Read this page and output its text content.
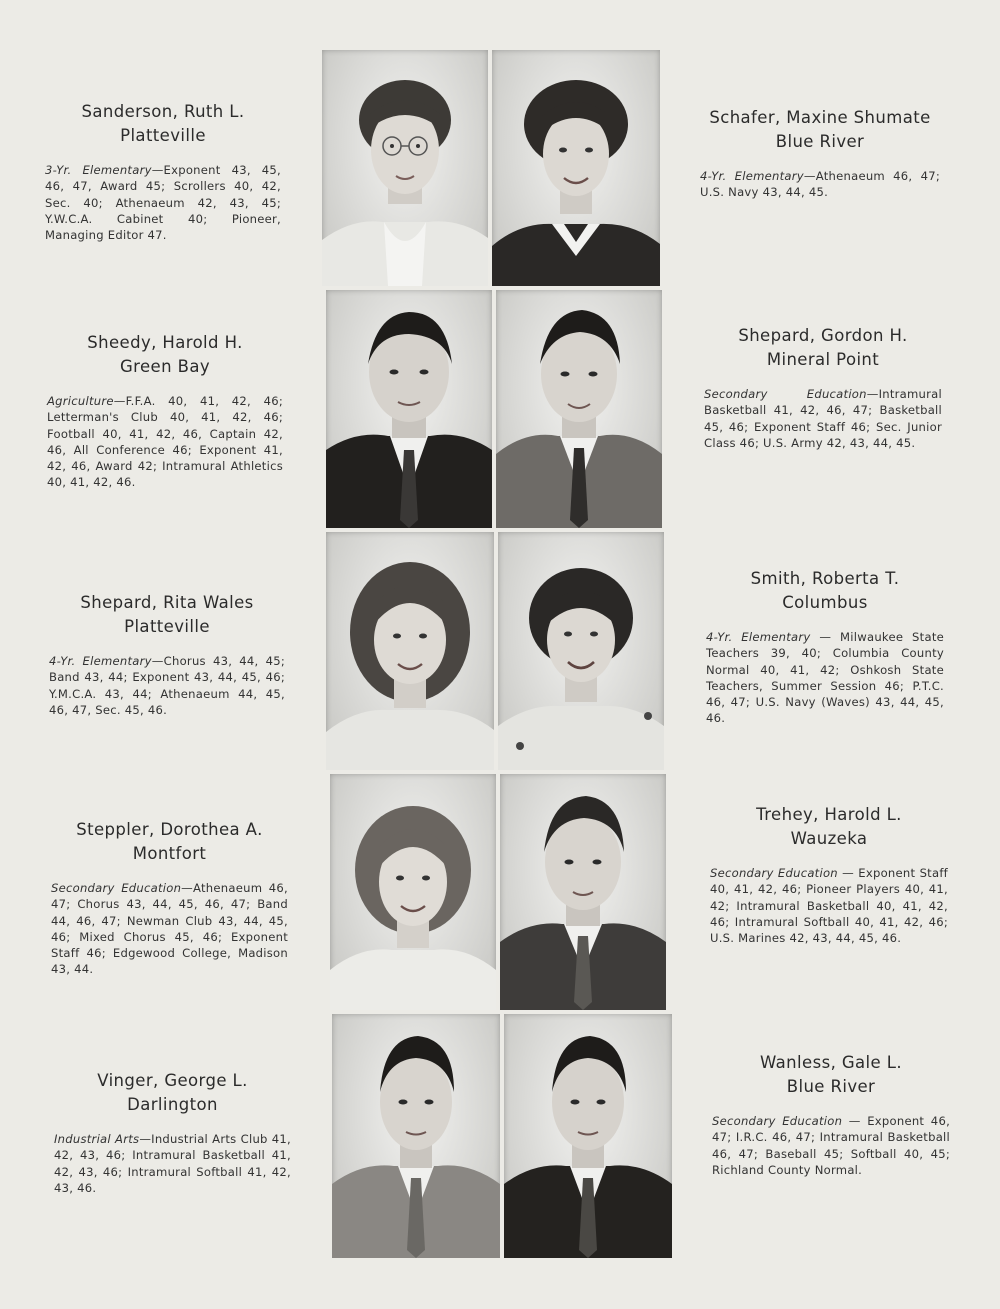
Sanderson, Ruth L.
Platteville
3-Yr. Elementary—Exponent 43, 45, 46, 47, Award 45; Scrollers 40, 42, Sec. 40; Athenaeum 42, 43, 45; Y.W.C.A. Cabinet 40; Pioneer, Managing Editor 47.
Sheedy, Harold H.
Green Bay
Agriculture—F.F.A. 40, 41, 42, 46; Letterman's Club 40, 41, 42, 46; Football 40, 41, 42, 46, Captain 42, 46, All Conference 46; Exponent 41, 42, 46, Award 42; Intramural Athletics 40, 41, 42, 46.
Shepard, Rita Wales
Platteville
4-Yr. Elementary—Chorus 43, 44, 45; Band 43, 44; Exponent 43, 44, 45, 46; Y.M.C.A. 43, 44; Athenaeum 44, 45, 46, 47, Sec. 45, 46.
Steppler, Dorothea A.
Montfort
Secondary Education—Athenaeum 46, 47; Chorus 43, 44, 45, 46, 47; Band 44, 46, 47; Newman Club 43, 44, 45, 46; Mixed Chorus 45, 46; Exponent Staff 46; Edgewood College, Madison 43, 44.
Vinger, George L.
Darlington
Industrial Arts—Industrial Arts Club 41, 42, 43, 46; Intramural Basketball 41, 42, 43, 46; Intramural Softball 41, 42, 43, 46.
Schafer, Maxine Shumate
Blue River
4-Yr. Elementary—Athenaeum 46, 47; U.S. Navy 43, 44, 45.
Shepard, Gordon H.
Mineral Point
Secondary Education—Intramural Basketball 41, 42, 46, 47; Basketball 45, 46; Exponent Staff 46; Sec. Junior Class 46; U.S. Army 42, 43, 44, 45.
Smith, Roberta T.
Columbus
4-Yr. Elementary — Milwaukee State Teachers 39, 40; Columbia County Normal 40, 41, 42; Oshkosh State Teachers, Summer Session 46; P.T.C. 46, 47; U.S. Navy (Waves) 43, 44, 45, 46.
Trehey, Harold L.
Wauzeka
Secondary Education — Exponent Staff 40, 41, 42, 46; Pioneer Players 40, 41, 42; Intramural Basketball 40, 41, 42, 46; Intramural Softball 40, 41, 42, 46; U.S. Marines 42, 43, 44, 45, 46.
Wanless, Gale L.
Blue River
Secondary Education — Exponent 46, 47; I.R.C. 46, 47; Intramural Basketball 46, 47; Baseball 45; Softball 40, 45; Richland County Normal.
